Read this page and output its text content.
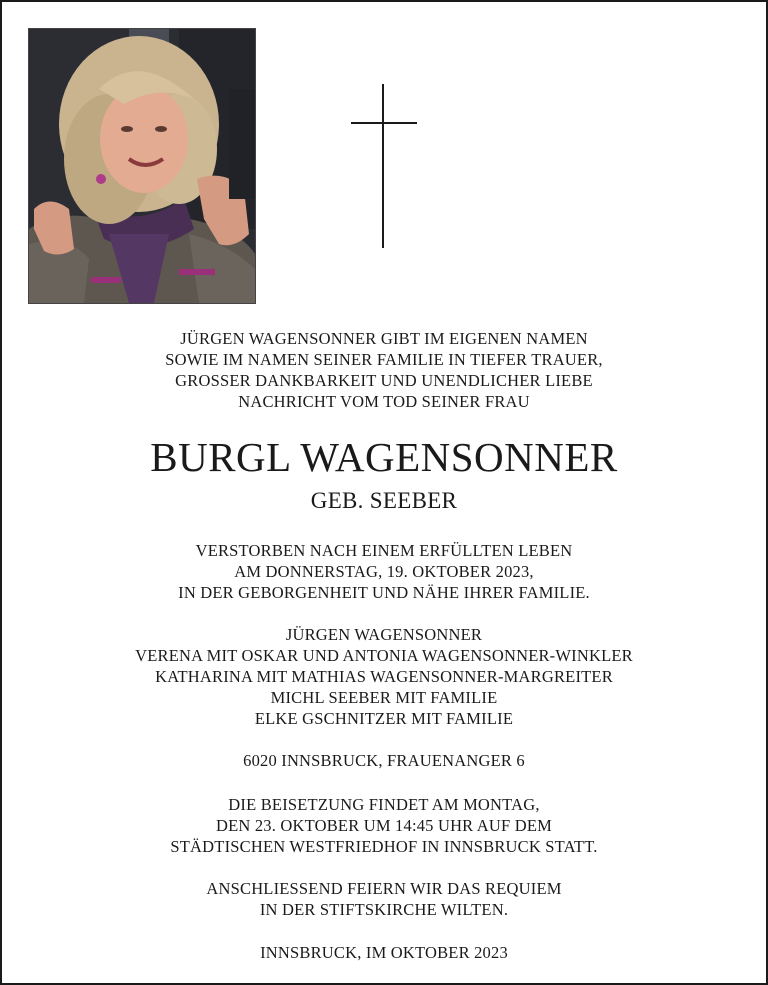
JÜRGEN WAGENSONNER GIBT IM EIGENEN NAMEN
SOWIE IM NAMEN SEINER FAMILIE IN TIEFER TRAUER,
GROSSER DANKBARKEIT UND UNENDLICHER LIEBE
NACHRICHT VOM TOD SEINER FRAU
BURGL WAGENSONNER
GEB. SEEBER
VERSTORBEN NACH EINEM ERFÜLLTEN LEBEN
AM DONNERSTAG, 19. OKTOBER 2023,
IN DER GEBORGENHEIT UND NÄHE IHRER FAMILIE.
JÜRGEN WAGENSONNER
VERENA MIT OSKAR UND ANTONIA WAGENSONNER-WINKLER
KATHARINA MIT MATHIAS WAGENSONNER-MARGREITER
MICHL SEEBER MIT FAMILIE
ELKE GSCHNITZER MIT FAMILIE
6020 INNSBRUCK, FRAUENANGER 6
DIE BEISETZUNG FINDET AM MONTAG,
DEN 23. OKTOBER UM 14:45 UHR AUF DEM
STÄDTISCHEN WESTFRIEDHOF IN INNSBRUCK STATT.
ANSCHLIESSEND FEIERN WIR DAS REQUIEM
IN DER STIFTSKIRCHE WILTEN.
INNSBRUCK, IM OKTOBER 2023
